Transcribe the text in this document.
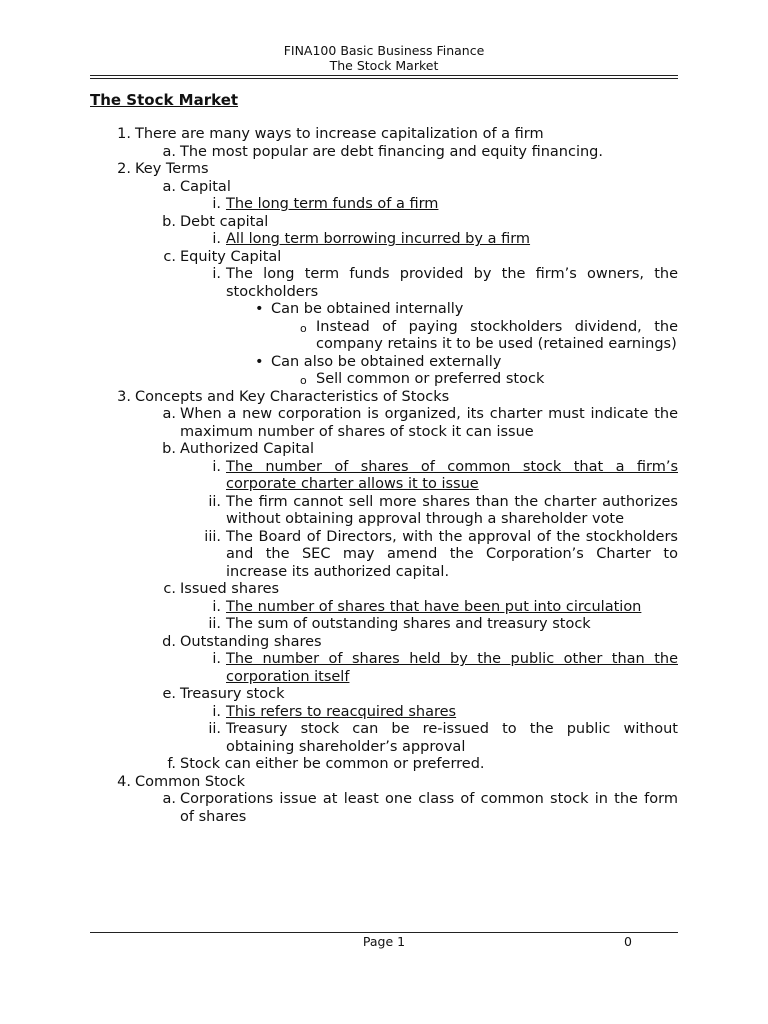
FINA100 Basic Business Finance
The Stock Market
The Stock Market
1. There are many ways to increase capitalization of a firm
a. The most popular are debt financing and equity financing.
2. Key Terms
a. Capital
i. The long term funds of a firm
b. Debt capital
i. All long term borrowing incurred by a firm
c. Equity Capital
i. The long term funds provided by the firm’s owners, the stockholders
• Can be obtained internally
o Instead of paying stockholders dividend, the company retains it to be used (retained earnings)
• Can also be obtained externally
o Sell common or preferred stock
3. Concepts and Key Characteristics of Stocks
a. When a new corporation is organized, its charter must indicate the maximum number of shares of stock it can issue
b. Authorized Capital
i. The number of shares of common stock that a firm’s corporate charter allows it to issue
ii. The firm cannot sell more shares than the charter authorizes without obtaining approval through a shareholder vote
iii. The Board of Directors, with the approval of the stockholders and the SEC may amend the Corporation’s Charter to increase its authorized capital.
c. Issued shares
i. The number of shares that have been put into circulation
ii. The sum of outstanding shares and treasury stock
d. Outstanding shares
i. The number of shares held by the public other than the corporation itself
e. Treasury stock
i. This refers to reacquired shares
ii. Treasury stock can be re-issued to the public without obtaining shareholder’s approval
f. Stock can either be common or preferred.
4. Common Stock
a. Corporations issue at least one class of common stock in the form of shares
Page 1	0
